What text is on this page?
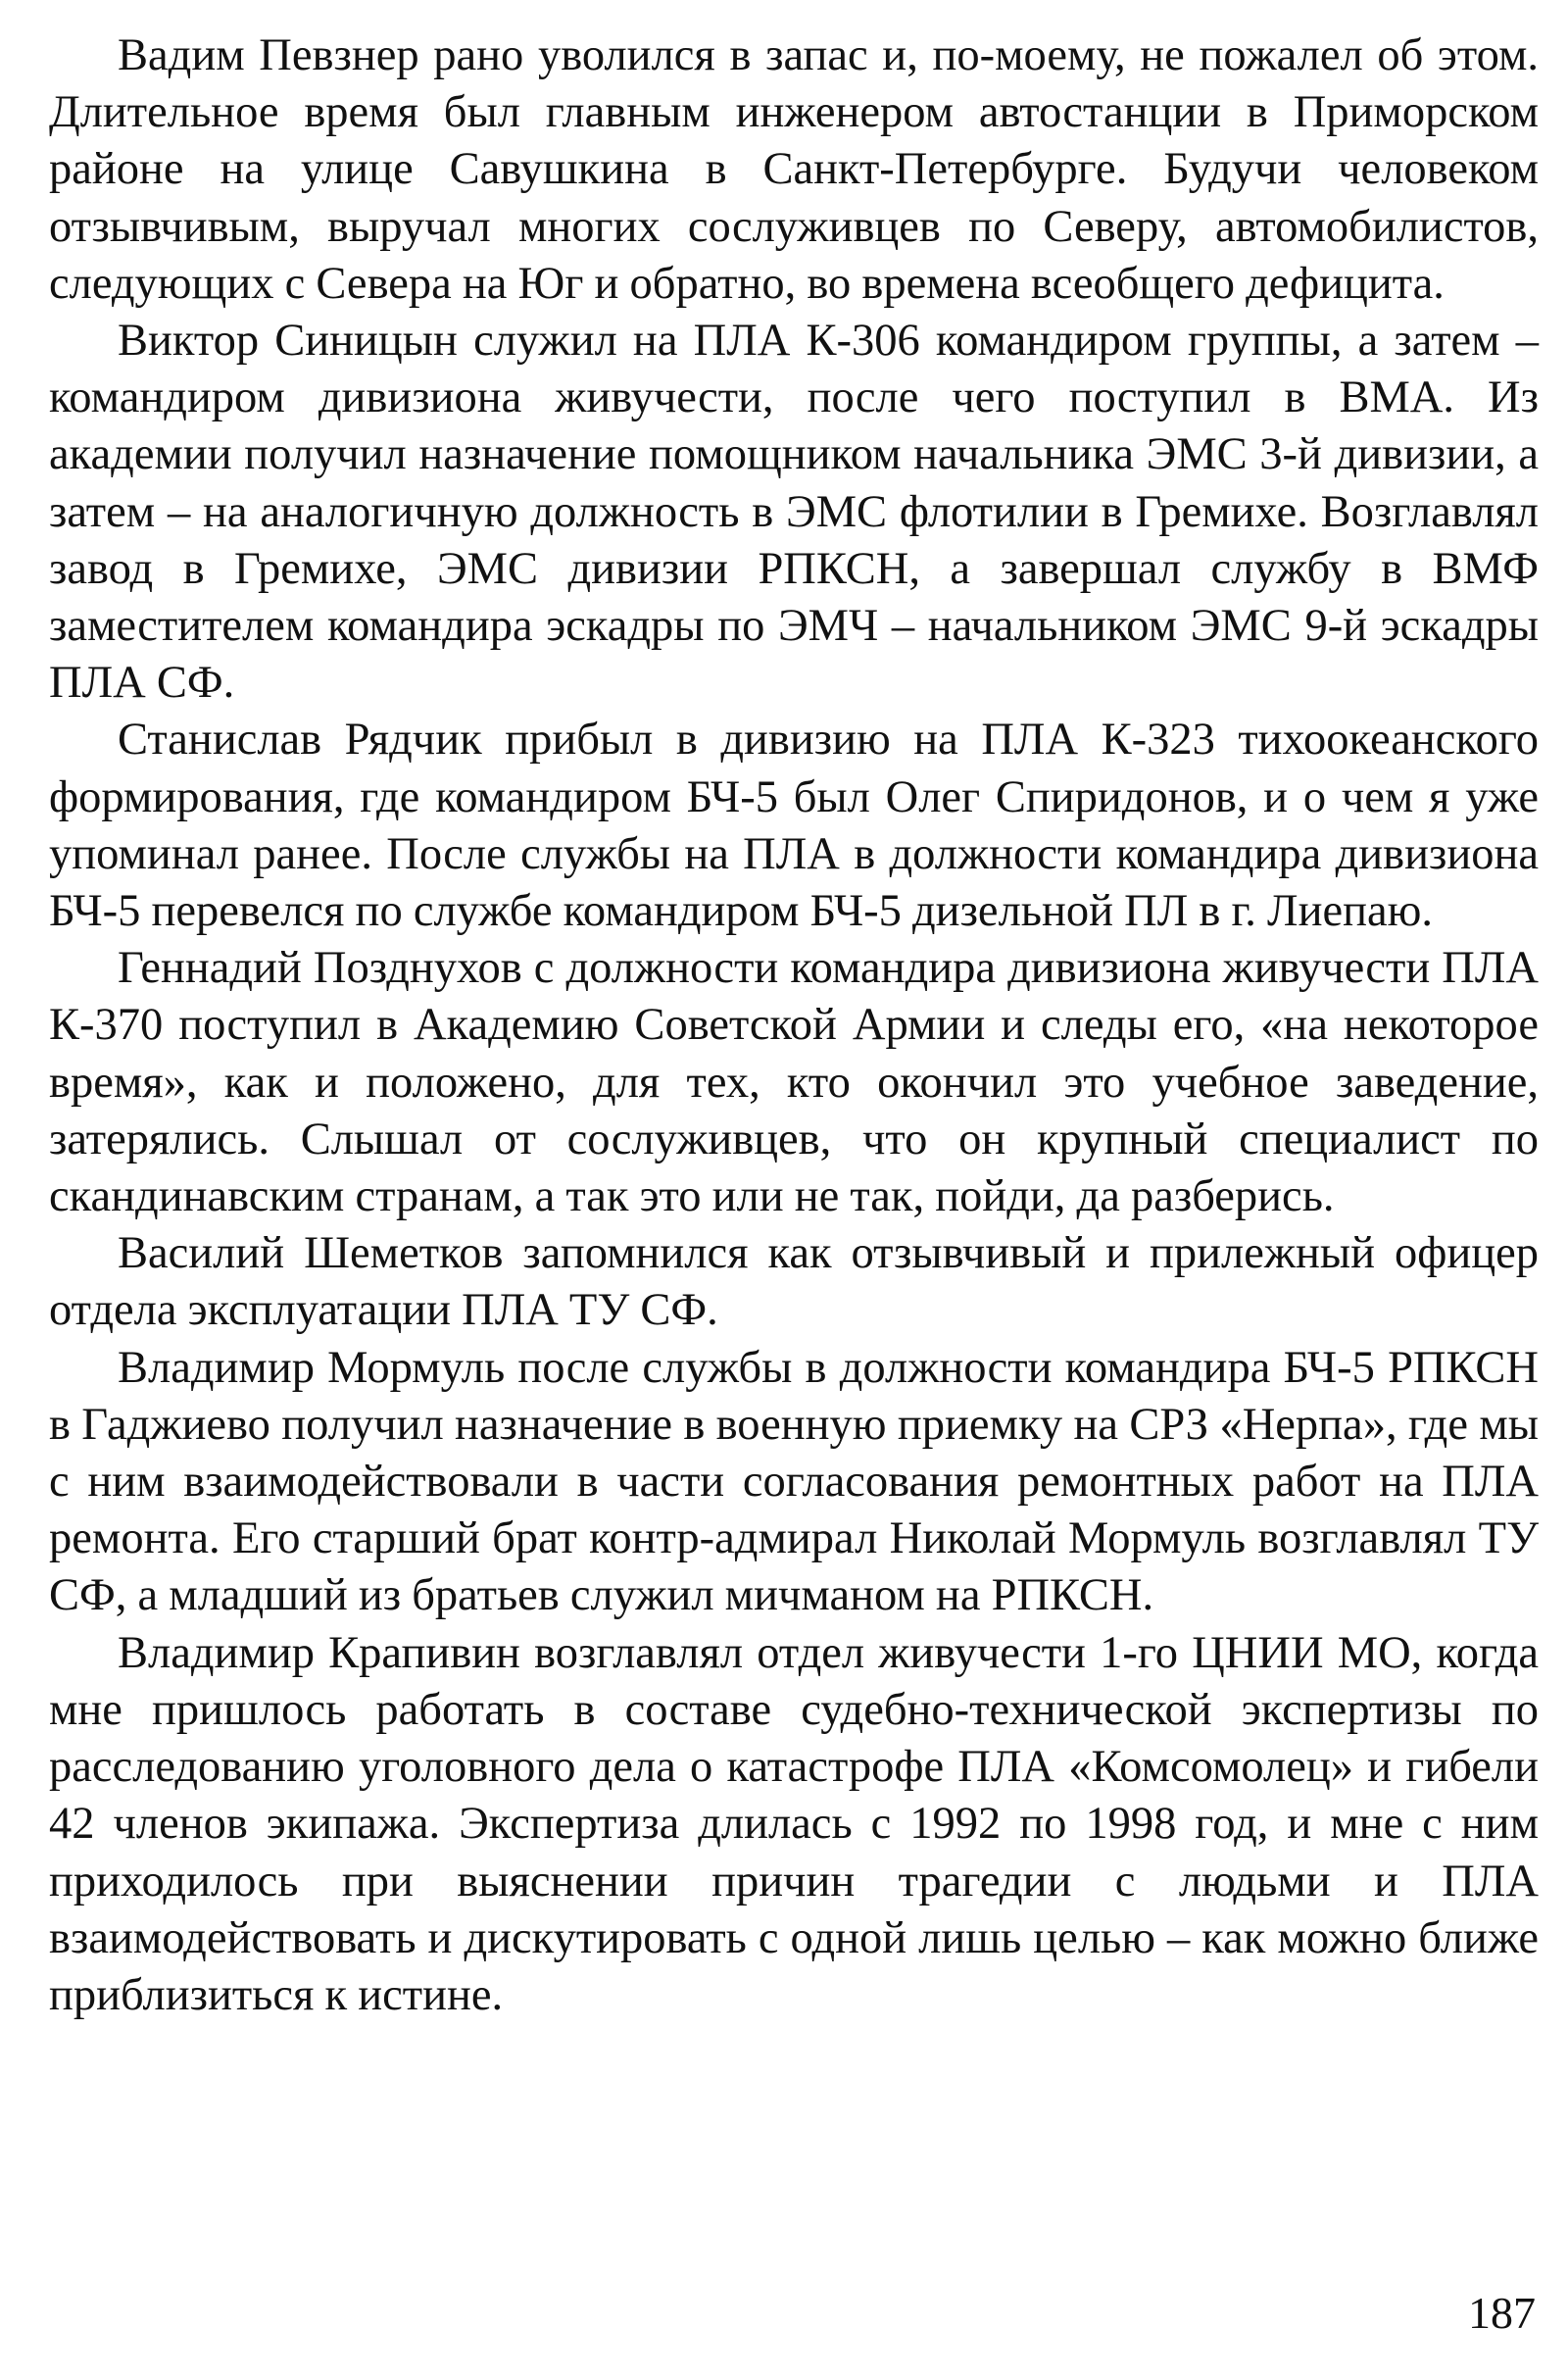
Вадим Певзнер рано уволился в запас и, по-моему, не пожалел об этом. Длительное время был главным инженером автостанции в Приморском районе на улице Савушкина в Санкт-Петербурге. Будучи человеком отзывчивым, выручал многих сослуживцев по Северу, автомобилистов, следующих с Севера на Юг и обратно, во времена всеобщего дефицита.

Виктор Синицын служил на ПЛА К-306 командиром группы, а затем – командиром дивизиона живучести, после чего поступил в ВМА. Из академии получил назначение помощником начальника ЭМС 3-й дивизии, а затем – на аналогичную должность в ЭМС флотилии в Гремихе. Возглавлял завод в Гремихе, ЭМС дивизии РПКСН, а завершал службу в ВМФ заместителем командира эскадры по ЭМЧ – начальником ЭМС 9-й эскадры ПЛА СФ.

Станислав Рядчик прибыл в дивизию на ПЛА К-323 тихоокеанского формирования, где командиром БЧ-5 был Олег Спиридонов, и о чем я уже упоминал ранее. После службы на ПЛА в должности командира дивизиона БЧ-5 перевелся по службе командиром БЧ-5 дизельной ПЛ в г. Лиепаю.

Геннадий Позднухов с должности командира дивизиона живучести ПЛА К-370 поступил в Академию Советской Армии и следы его, «на некоторое время», как и положено, для тех, кто окончил это учебное заведение, затерялись. Слышал от сослуживцев, что он крупный специалист по скандинавским странам, а так это или не так, пойди, да разберись.

Василий Шеметков запомнился как отзывчивый и прилежный офицер отдела эксплуатации ПЛА ТУ СФ.

Владимир Мормуль после службы в должности командира БЧ-5 РПКСН в Гаджиево получил назначение в военную приемку на СРЗ «Нерпа», где мы с ним взаимодействовали в части согласования ремонтных работ на ПЛА ремонта. Его старший брат контр-адмирал Николай Мормуль возглавлял ТУ СФ, а младший из братьев служил мичманом на РПКСН.

Владимир Крапивин возглавлял отдел живучести 1-го ЦНИИ МО, когда мне пришлось работать в составе судебно-технической экспертизы по расследованию уголовного дела о катастрофе ПЛА «Комсомолец» и гибели 42 членов экипажа. Экспертиза длилась с 1992 по 1998 год, и мне с ним приходилось при выяснении причин трагедии с людьми и ПЛА взаимодействовать и дискутировать с одной лишь целью – как можно ближе приблизиться к истине.

187
